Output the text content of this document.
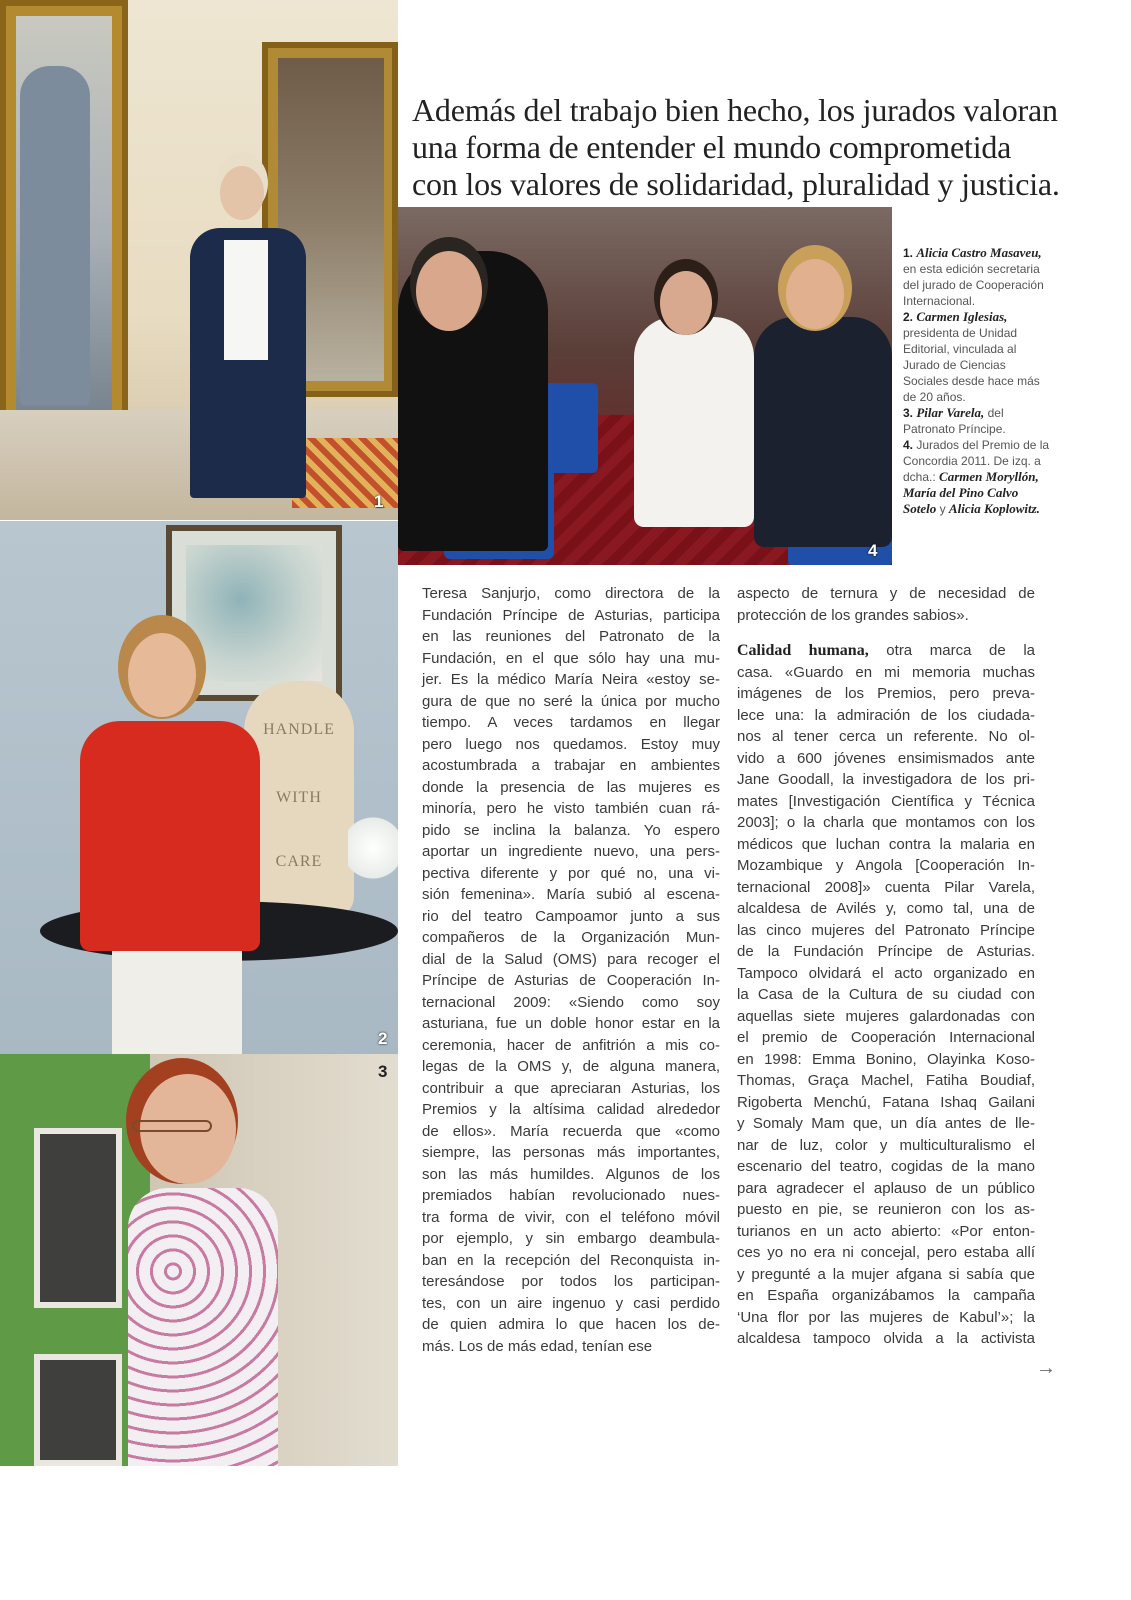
1
HANDLE
WITH
CARE
2
3
4
Además del trabajo bien hecho, los jurados valoran
una forma de entender el mundo comprometida
con los valores de solidaridad, pluralidad y justicia.

1. Alicia Castro Masaveu, en esta edición secretaria del jurado de Cooperación Internacional.

2. Carmen Iglesias, presidenta de Unidad Editorial, vinculada al Jurado de Ciencias Sociales desde hace más de 20 años.

3. Pilar Varela, del Patronato Príncipe.

4. Jurados del Premio de la Concordia 2011. De izq. a dcha.: Carmen Moryllón, María del Pino Calvo Sotelo y Alicia Koplowitz.

Teresa Sanjurjo, como directora de la
Fundación Príncipe de Asturias, participa
en las reuniones del Patronato de la
Fundación, en el que sólo hay una mu-
jer. Es la médico María Neira «estoy se-
gura de que no seré la única por mucho
tiempo. A veces tardamos en llegar
pero luego nos quedamos. Estoy muy
acostumbrada a trabajar en ambientes
donde la presencia de las mujeres es
minoría, pero he visto también cuan rá-
pido se inclina la balanza. Yo espero
aportar un ingrediente nuevo, una pers-
pectiva diferente y por qué no, una vi-
sión femenina». María subió al escena-
rio del teatro Campoamor junto a sus
compañeros de la Organización Mun-
dial de la Salud (OMS) para recoger el
Príncipe de Asturias de Cooperación In-
ternacional 2009: «Siendo como soy
asturiana, fue un doble honor estar en la
ceremonia, hacer de anfitrión a mis co-
legas de la OMS y, de alguna manera,
contribuir a que apreciaran Asturias, los
Premios y la altísima calidad alrededor
de ellos». María recuerda que «como
siempre, las personas más importantes,
son las más humildes. Algunos de los
premiados habían revolucionado nues-
tra forma de vivir, con el teléfono móvil
por ejemplo, y sin embargo deambula-
ban en la recepción del Reconquista in-
teresándose por todos los participan-
tes, con un aire ingenuo y casi perdido
de quien admira lo que hacen los de-
más. Los de más edad, tenían ese
aspecto de ternura y de necesidad de
protección de los grandes sabios».
Calidad humana, otra marca de la
casa. «Guardo en mi memoria muchas
imágenes de los Premios, pero preva-
lece una: la admiración de los ciudada-
nos al tener cerca un referente. No ol-
vido a 600 jóvenes ensimismados ante
Jane Goodall, la investigadora de los pri-
mates [Investigación Científica y Técnica
2003]; o la charla que montamos con los
médicos que luchan contra la malaria en
Mozambique y Angola [Cooperación In-
ternacional 2008]» cuenta Pilar Varela,
alcaldesa de Avilés y, como tal, una de
las cinco mujeres del Patronato Príncipe
de la Fundación Príncipe de Asturias.
Tampoco olvidará el acto organizado en
la Casa de la Cultura de su ciudad con
aquellas siete mujeres galardonadas con
el premio de Cooperación Internacional
en 1998: Emma Bonino, Olayinka Koso-
Thomas, Graça Machel, Fatiha Boudiaf,
Rigoberta Menchú, Fatana Ishaq Gailani
y Somaly Mam que, un día antes de lle-
nar de luz, color y multiculturalismo el
escenario del teatro, cogidas de la mano
para agradecer el aplauso de un público
puesto en pie, se reunieron con los as-
turianos en un acto abierto: «Por enton-
ces yo no era ni concejal, pero estaba allí
y pregunté a la mujer afgana si sabía que
en España organizábamos la campaña
‘Una flor por las mujeres de Kabul’»; la
alcaldesa tampoco olvida a la activista
→
